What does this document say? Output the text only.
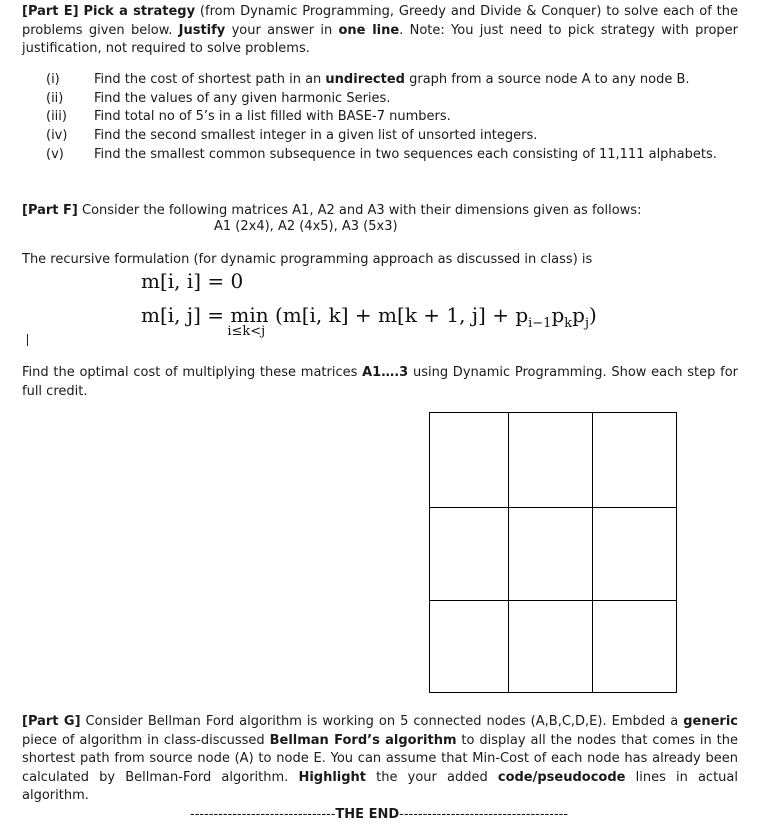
[Part E] Pick a strategy (from Dynamic Programming, Greedy and Divide & Conquer) to solve each of the problems given below. Justify your answer in one line. Note: You just need to pick strategy with proper justification, not required to solve problems.
(i)	Find the cost of shortest path in an undirected graph from a source node A to any node B.
(ii) Find the values of any given harmonic Series.
(iii) Find total no of 5’s in a list filled with BASE-7 numbers.
(iv) Find the second smallest integer in a given list of unsorted integers.
(v) Find the smallest common subsequence in two sequences each consisting of 11,111 alphabets.
[Part F] Consider the following matrices A1, A2 and A3 with their dimensions given as follows:
A1 (2x4), A2 (4x5), A3 (5x3)
The recursive formulation (for dynamic programming approach as discussed in class) is
m[i, i] = 0
m[i, j] = min
i≤k<j
(m[i, k] + m[k + 1, $j] + p_{i-1}p_kp_j$)
Find the optimal cost of multiplying these matrices A1….3 using Dynamic Programming. Show each step for full credit.
[Part G] Consider Bellman Ford algorithm is working on 5 connected nodes (A,B,C,D,E). Embded a generic piece of algorithm in class-discussed Bellman Ford’s algorithm to display all the nodes that comes in the shortest path from source node (A) to node E. You can assume that Min-Cost of each node has already been calculated by Bellman-Ford algorithm. Highlight the your added code/pseudocode lines in actual algorithm.
-------------------------------THE END------------------------------------
